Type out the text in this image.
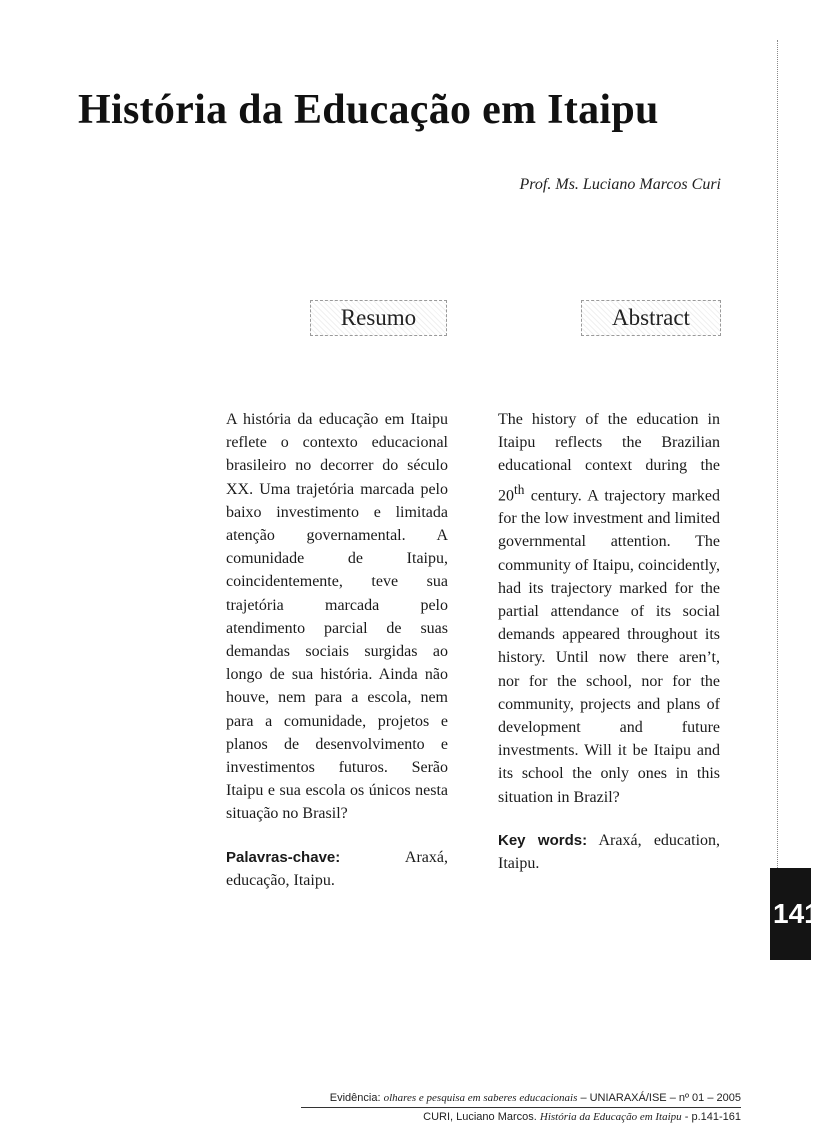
História da Educação em Itaipu
Prof. Ms. Luciano Marcos Curi
Resumo	Abstract

A história da educação em Itaipu reflete o contexto educacional brasileiro no decorrer do século XX. Uma trajetória marcada pelo baixo investimento e limitada atenção governamental. A comunidade de Itaipu, coincidentemente, teve sua trajetória marcada pelo atendimento parcial de suas demandas sociais surgidas ao longo de sua história. Ainda não houve, nem para a escola, nem para a comunidade, projetos e planos de desenvolvimento e investimentos futuros. Serão Itaipu e sua escola os únicos nesta situação no Brasil?

Palavras-chave:	Araxá, educação, Itaipu.

The history of the education in Itaipu reflects the Brazilian educational context during the 20th century. A trajectory marked for the low investment and limited governmental attention. The community of Itaipu, coincidently, had its trajectory marked for the partial attendance of its social demands appeared throughout its history. Until now there aren’t, nor for the school, nor for the community, projects and plans of development and future investments. Will it be Itaipu and its school the only ones in this situation in Brazil?

Key words: Araxá, education, Itaipu.

141
Evidência: olhares e pesquisa em saberes educacionais – UNIARAXÁ/ISE – nº 01 – 2005
CURI, Luciano Marcos. História da Educação em Itaipu - p.141-161
